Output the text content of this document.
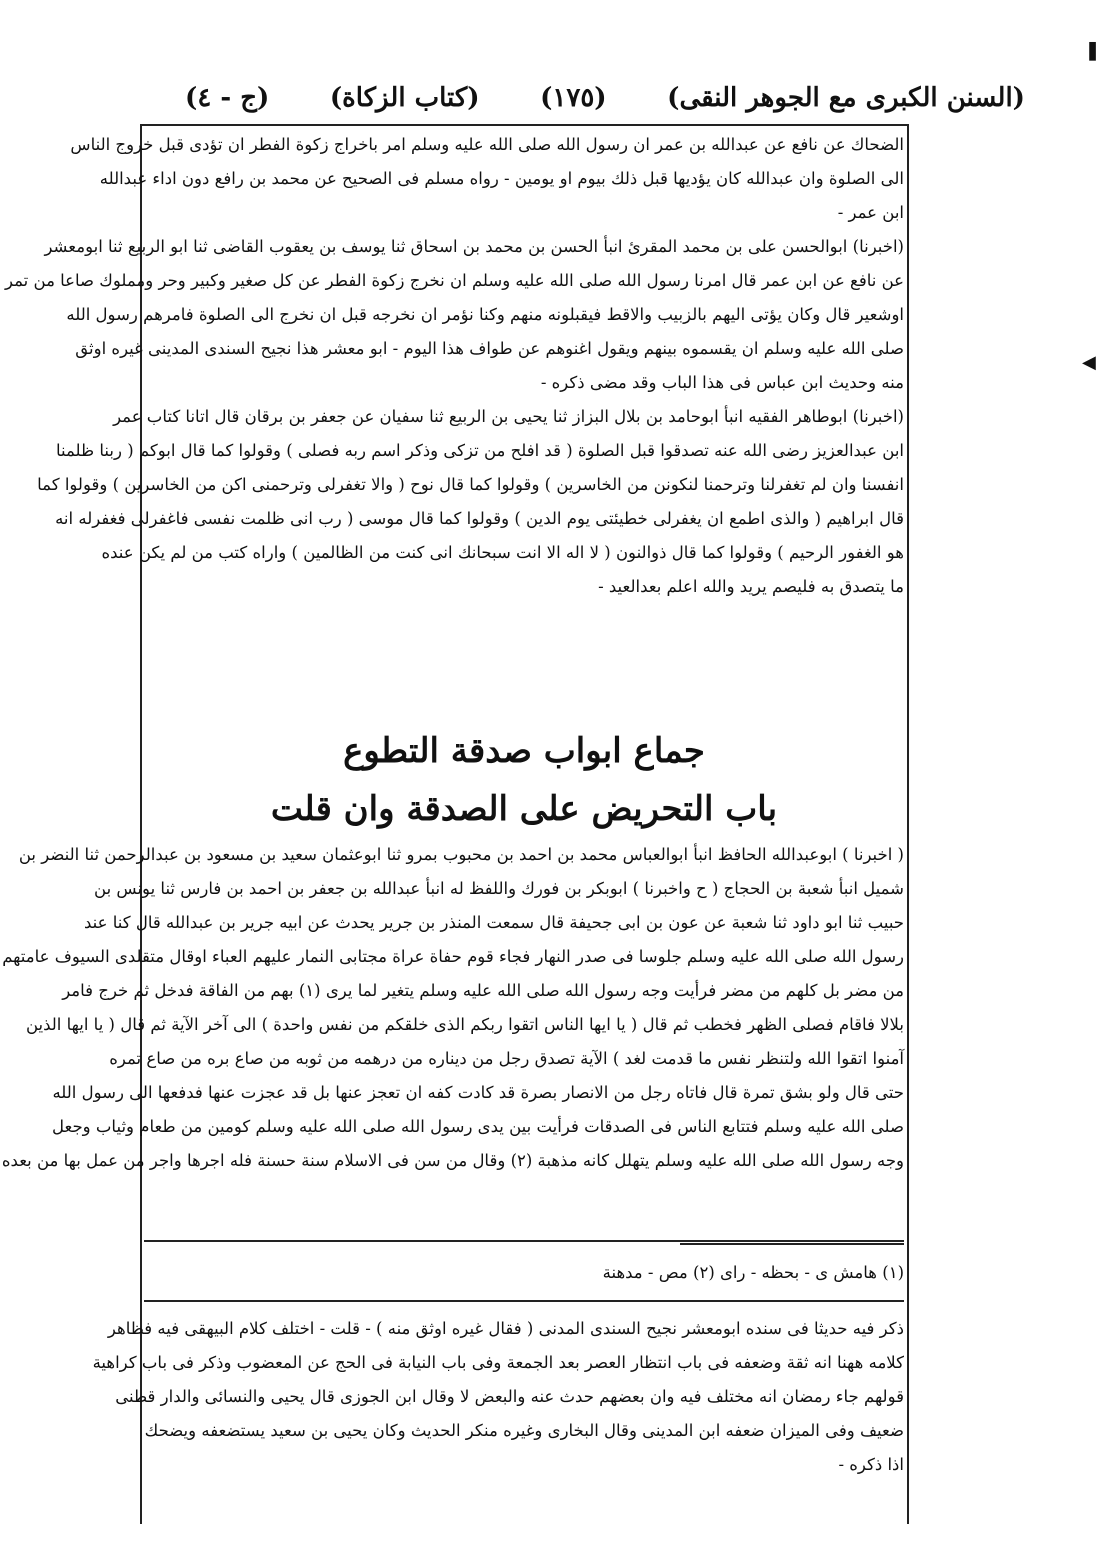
❚
◀
(السنن الكبرى مع الجوهر النقى)
(١٧٥)
(كتاب الزكاة)
(ج - ٤)
الضحاك عن نافع عن عبدالله بن عمر ان رسول الله صلى الله عليه وسلم امر باخراج زكوة الفطر ان تؤدى قبل خروج الناس
الى الصلوة وان عبدالله كان يؤديها قبل ذلك بيوم او يومين - رواه مسلم فى الصحيح عن محمد بن رافع دون اداء عبدالله
ابن عمر -
(اخبرنا) ابوالحسن على بن محمد المقرئ انبأ الحسن بن محمد بن اسحاق ثنا يوسف بن يعقوب القاضى ثنا ابو الربيع ثنا ابومعشر
عن نافع عن ابن عمر قال امرنا رسول الله صلى الله عليه وسلم ان نخرج زكوة الفطر عن كل صغير وكبير وحر ومملوك صاعا من تمر
اوشعير قال وكان يؤتى اليهم بالزبيب والاقط فيقبلونه منهم وكنا نؤمر ان نخرجه قبل ان نخرج الى الصلوة فامرهم رسول الله
صلى الله عليه وسلم ان يقسموه بينهم ويقول اغنوهم عن طواف هذا اليوم - ابو معشر هذا نجيح السندى المدينى غيره اوثق
منه وحديث ابن عباس فى هذا الباب وقد مضى ذكره -
(اخبرنا) ابوطاهر الفقيه انبأ ابوحامد بن بلال البزاز ثنا يحيى بن الربيع ثنا سفيان عن جعفر بن برقان قال اتانا كتاب عمر
ابن عبدالعزيز رضى الله عنه تصدقوا قبل الصلوة ( قد افلح من تزكى وذكر اسم ربه فصلى ) وقولوا كما قال ابوكم ( ربنا ظلمنا
انفسنا وان لم تغفرلنا وترحمنا لنكونن من الخاسرين ) وقولوا كما قال نوح ( والا تغفرلى وترحمنى اكن من الخاسرين ) وقولوا كما
قال ابراهيم ( والذى اطمع ان يغفرلى خطيئتى يوم الدين ) وقولوا كما قال موسى ( رب انى ظلمت نفسى فاغفرلى فغفرله انه
هو الغفور الرحيم ) وقولوا كما قال ذوالنون ( لا اله الا انت سبحانك انى كنت من الظالمين ) واراه كتب من لم يكن عنده
ما يتصدق به فليصم يريد والله اعلم بعدالعيد -
جماع ابواب صدقة التطوع
باب التحريض على الصدقة وان قلت
( اخبرنا ) ابوعبدالله الحافظ انبأ ابوالعباس محمد بن احمد بن محبوب بمرو ثنا ابوعثمان سعيد بن مسعود بن عبدالرحمن ثنا النضر بن
شميل انبأ شعبة بن الحجاج ( ح واخبرنا ) ابوبكر بن فورك واللفظ له انبأ عبدالله بن جعفر بن احمد بن فارس ثنا يونس بن
حبيب ثنا ابو داود ثنا شعبة عن عون بن ابى جحيفة قال سمعت المنذر بن جرير يحدث عن ابيه جرير بن عبدالله قال كنا عند
رسول الله صلى الله عليه وسلم جلوسا فى صدر النهار فجاء قوم حفاة عراة مجتابى النمار عليهم العباء اوقال متقلدى السيوف عامتهم
من مضر بل كلهم من مضر فرأيت وجه رسول الله صلى الله عليه وسلم يتغير لما يرى (١) بهم من الفاقة فدخل ثم خرج فامر
بلالا فاقام فصلى الظهر فخطب ثم قال ( يا ايها الناس اتقوا ربكم الذى خلقكم من نفس واحدة ) الى آخر الآية ثم قال ( يا ايها الذين
آمنوا اتقوا الله ولتنظر نفس ما قدمت لغد ) الآية تصدق رجل من ديناره من درهمه من ثوبه من صاع بره من صاع تمره
حتى قال ولو بشق تمرة قال فاتاه رجل من الانصار بصرة قد كادت كفه ان تعجز عنها بل قد عجزت عنها فدفعها الى رسول الله
صلى الله عليه وسلم فتتابع الناس فى الصدقات فرأيت بين يدى رسول الله صلى الله عليه وسلم كومين من طعام وثياب وجعل
وجه رسول الله صلى الله عليه وسلم يتهلل كانه مذهبة (٢) وقال من سن فى الاسلام سنة حسنة فله اجرها واجر من عمل بها من بعده
(١) هامش ى - بحظه - راى (٢) مص - مدهنة
ذكر فيه حديثا فى سنده ابومعشر نجيح السندى المدنى ( فقال غيره اوثق منه ) - قلت - اختلف كلام البيهقى فيه فظاهر
كلامه ههنا انه ثقة وضعفه فى باب انتظار العصر بعد الجمعة وفى باب النيابة فى الحج عن المعضوب وذكر فى باب كراهية
قولهم جاء رمضان انه مختلف فيه وان بعضهم حدث عنه والبعض لا وقال ابن الجوزى قال يحيى والنسائى والدار قطنى
ضعيف وفى الميزان ضعفه ابن المدينى وقال البخارى وغيره منكر الحديث وكان يحيى بن سعيد يستضعفه ويضحك
اذا ذكره -
